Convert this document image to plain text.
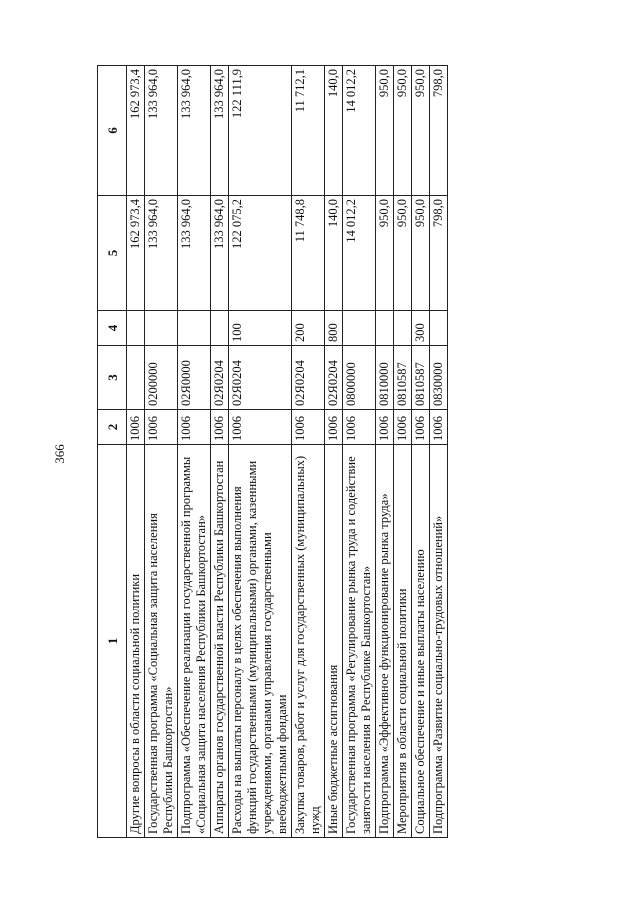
366
1	2	3	4	5	6
Другие вопросы в области социальной политики	1006			162 973,4	162 973,4
Государственная программа «Социальная защита населения Республики Башкортостан»	1006	0200000		133 964,0	133 964,0
Подпрограмма «Обеспечение реализации государственной программы «Социальная защита населения Республики Башкортостан»	1006	02Я0000		133 964,0	133 964,0
Аппараты органов государственной власти Республики Башкортостан	1006	02Я0204		133 964,0	133 964,0
Расходы на выплаты персоналу в целях обеспечения выполнения функций государственными (муниципальными) органами, казенными учреждениями, органами управления государственными внебюджетными фондами	1006	02Я0204	100	122 075,2	122 111,9
Закупка товаров, работ и услуг для государственных (муниципальных) нужд	1006	02Я0204	200	11 748,8	11 712,1
Иные бюджетные ассигнования	1006	02Я0204	800	140,0	140,0
Государственная программа «Регулирование рынка труда и содействие занятости населения в Республике Башкортостан»	1006	0800000		14 012,2	14 012,2
Подпрограмма «Эффективное функционирование рынка труда»	1006	0810000		950,0	950,0
Мероприятия в области социальной политики	1006	0810587		950,0	950,0
Социальное обеспечение и иные выплаты населению	1006	0810587	300	950,0	950,0
Подпрограмма «Развитие социально-трудовых отношений»	1006	0830000		798,0	798,0
